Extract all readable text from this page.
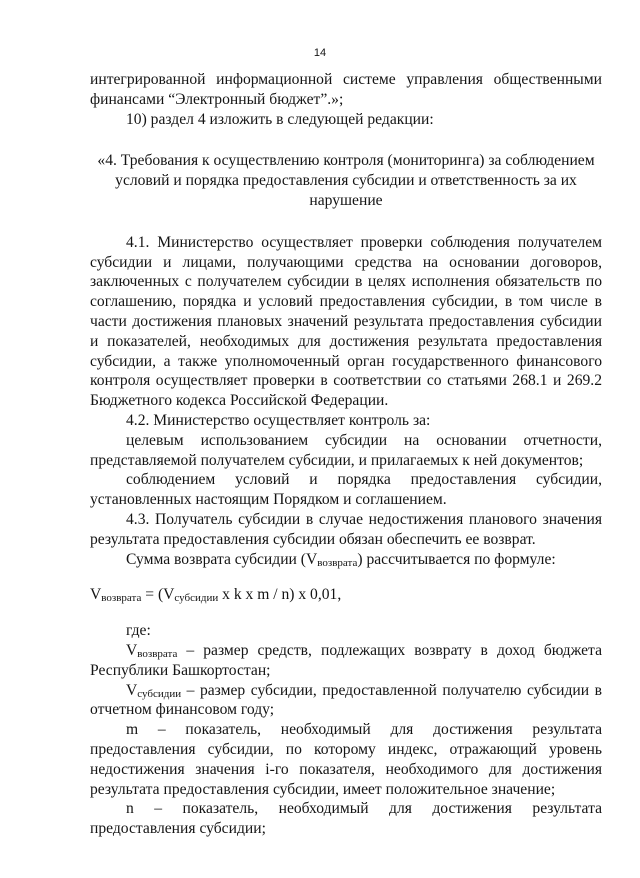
14

интегрированной информационной системе управления общественными финансами “Электронный бюджет”.»;

10) раздел 4 изложить в следующей редакции:

«4. Требования к осуществлению контроля (мониторинга) за соблюдением условий и порядка предоставления субсидии и ответственность за их нарушение

4.1. Министерство осуществляет проверки соблюдения получателем субсидии и лицами, получающими средства на основании договоров, заключенных с получателем субсидии в целях исполнения обязательств по соглашению, порядка и условий предоставления субсидии, в том числе в части достижения плановых значений результата предоставления субсидии и показателей, необходимых для достижения результата предоставления субсидии, а также уполномоченный орган государственного финансового контроля осуществляет проверки в соответствии со статьями 268.1 и 269.2 Бюджетного кодекса Российской Федерации.

4.2. Министерство осуществляет контроль за:

целевым использованием субсидии на основании отчетности, представляемой получателем субсидии, и прилагаемых к ней документов;

соблюдением условий и порядка предоставления субсидии, установленных настоящим Порядком и соглашением.

4.3. Получатель субсидии в случае недостижения планового значения результата предоставления субсидии обязан обеспечить ее возврат.

Сумма возврата субсидии $(V_{возврата})$ рассчитывается по формуле:

$V_{возврата} = (V_{субсидии}$ x k x m / n) x 0,01,

где:

$V_{возврата}$ – размер средств, подлежащих возврату в доход бюджета Республики Башкортостан;

$V_{субсидии}$ – размер субсидии, предоставленной получателю субсидии в отчетном финансовом году;

m – показатель, необходимый для достижения результата предоставления субсидии, по которому индекс, отражающий уровень недостижения значения i-го показателя, необходимого для достижения результата предоставления субсидии, имеет положительное значение;

n – показатель, необходимый для достижения результата предоставления субсидии;
